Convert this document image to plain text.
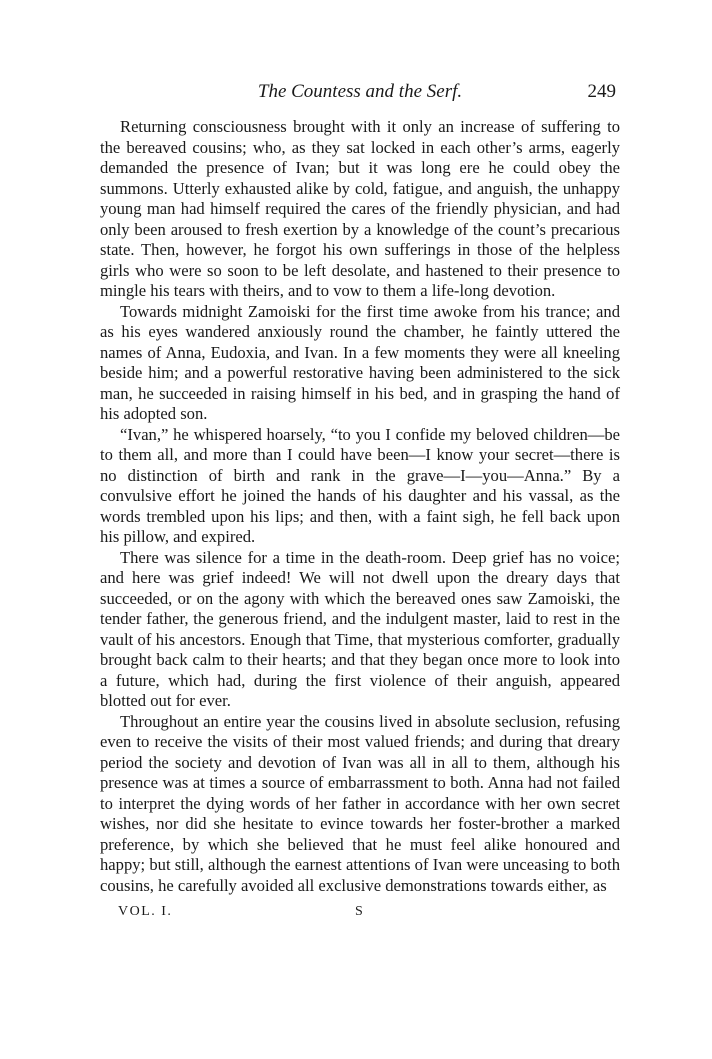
The Countess and the Serf.	249

Returning consciousness brought with it only an increase of suffering to the bereaved cousins; who, as they sat locked in each other’s arms, eagerly demanded the presence of Ivan; but it was long ere he could obey the summons. Utterly exhausted alike by cold, fatigue, and anguish, the unhappy young man had himself required the cares of the friendly physician, and had only been aroused to fresh exertion by a knowledge of the count’s precarious state. Then, however, he forgot his own sufferings in those of the helpless girls who were so soon to be left desolate, and hastened to their presence to mingle his tears with theirs, and to vow to them a life-long devotion.

Towards midnight Zamoiski for the first time awoke from his trance; and as his eyes wandered anxiously round the chamber, he faintly uttered the names of Anna, Eudoxia, and Ivan. In a few moments they were all kneeling beside him; and a powerful restorative having been administered to the sick man, he succeeded in raising himself in his bed, and in grasping the hand of his adopted son.

“Ivan,” he whispered hoarsely, “to you I confide my beloved children—be to them all, and more than I could have been—I know your secret—there is no distinction of birth and rank in the grave—I—you—Anna.” By a convulsive effort he joined the hands of his daughter and his vassal, as the words trembled upon his lips; and then, with a faint sigh, he fell back upon his pillow, and expired.

There was silence for a time in the death-room. Deep grief has no voice; and here was grief indeed! We will not dwell upon the dreary days that succeeded, or on the agony with which the bereaved ones saw Zamoiski, the tender father, the generous friend, and the indulgent master, laid to rest in the vault of his ancestors. Enough that Time, that mysterious comforter, gradually brought back calm to their hearts; and that they began once more to look into a future, which had, during the first violence of their anguish, appeared blotted out for ever.

Throughout an entire year the cousins lived in absolute seclusion, refusing even to receive the visits of their most valued friends; and during that dreary period the society and devotion of Ivan was all in all to them, although his presence was at times a source of embarrassment to both. Anna had not failed to interpret the dying words of her father in accordance with her own secret wishes, nor did she hesitate to evince towards her foster-brother a marked preference, by which she believed that he must feel alike honoured and happy; but still, although the earnest attentions of Ivan were unceasing to both cousins, he carefully avoided all exclusive demonstrations towards either, as

VOL. I.	S
